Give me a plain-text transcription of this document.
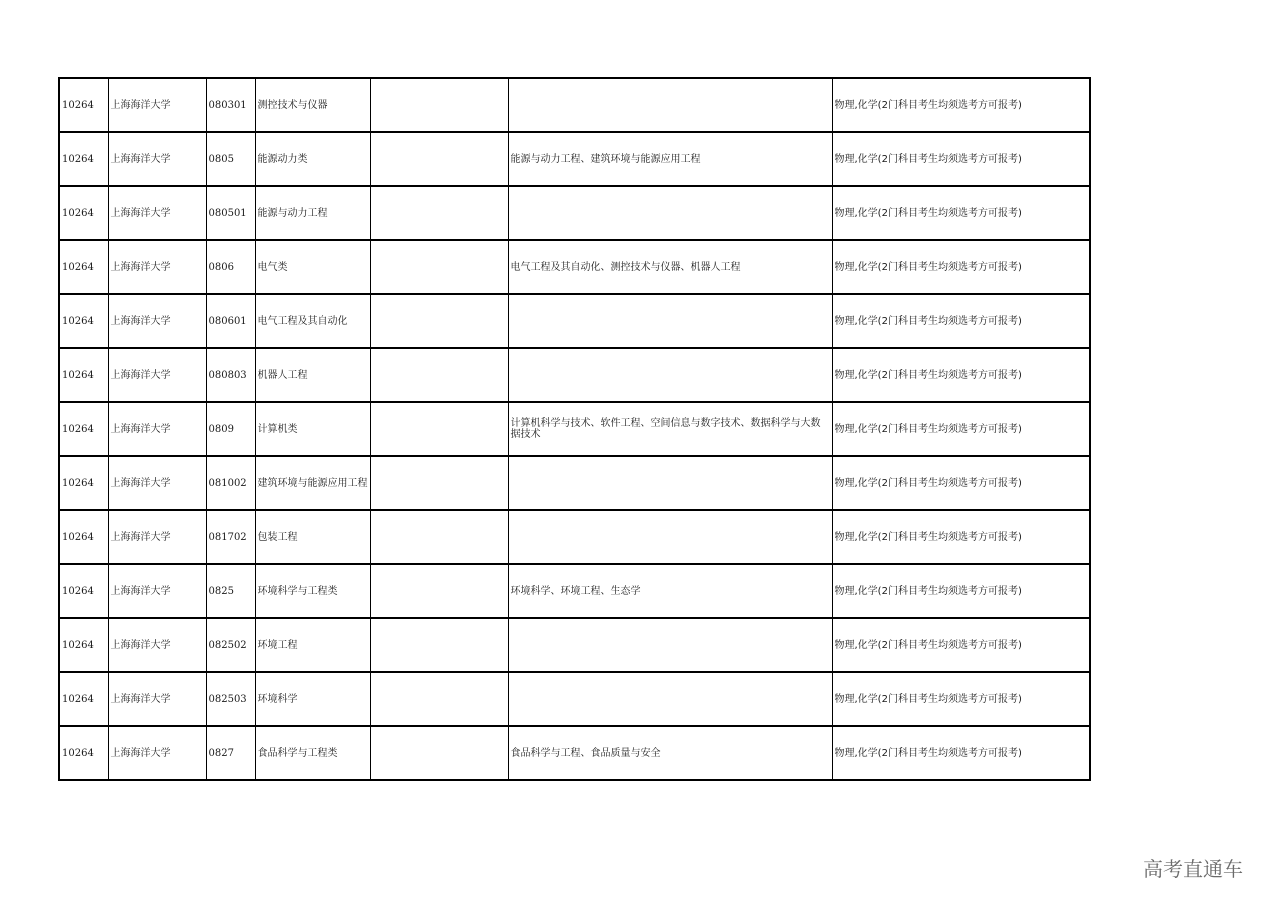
10264	上海海洋大学	080301	测控技术与仪器			物理,化学(2门科目考生均须选考方可报考)
10264	上海海洋大学	0805	能源动力类		能源与动力工程、建筑环境与能源应用工程	物理,化学(2门科目考生均须选考方可报考)
10264	上海海洋大学	080501	能源与动力工程			物理,化学(2门科目考生均须选考方可报考)
10264	上海海洋大学	0806	电气类		电气工程及其自动化、测控技术与仪器、机器人工程	物理,化学(2门科目考生均须选考方可报考)
10264	上海海洋大学	080601	电气工程及其自动化			物理,化学(2门科目考生均须选考方可报考)
10264	上海海洋大学	080803	机器人工程			物理,化学(2门科目考生均须选考方可报考)
10264	上海海洋大学	0809	计算机类		计算机科学与技术、软件工程、空间信息与数字技术、数据科学与大数据技术	物理,化学(2门科目考生均须选考方可报考)
10264	上海海洋大学	081002	建筑环境与能源应用工程			物理,化学(2门科目考生均须选考方可报考)
10264	上海海洋大学	081702	包装工程			物理,化学(2门科目考生均须选考方可报考)
10264	上海海洋大学	0825	环境科学与工程类		环境科学、环境工程、生态学	物理,化学(2门科目考生均须选考方可报考)
10264	上海海洋大学	082502	环境工程			物理,化学(2门科目考生均须选考方可报考)
10264	上海海洋大学	082503	环境科学			物理,化学(2门科目考生均须选考方可报考)
10264	上海海洋大学	0827	食品科学与工程类		食品科学与工程、食品质量与安全	物理,化学(2门科目考生均须选考方可报考)
高考直通车
